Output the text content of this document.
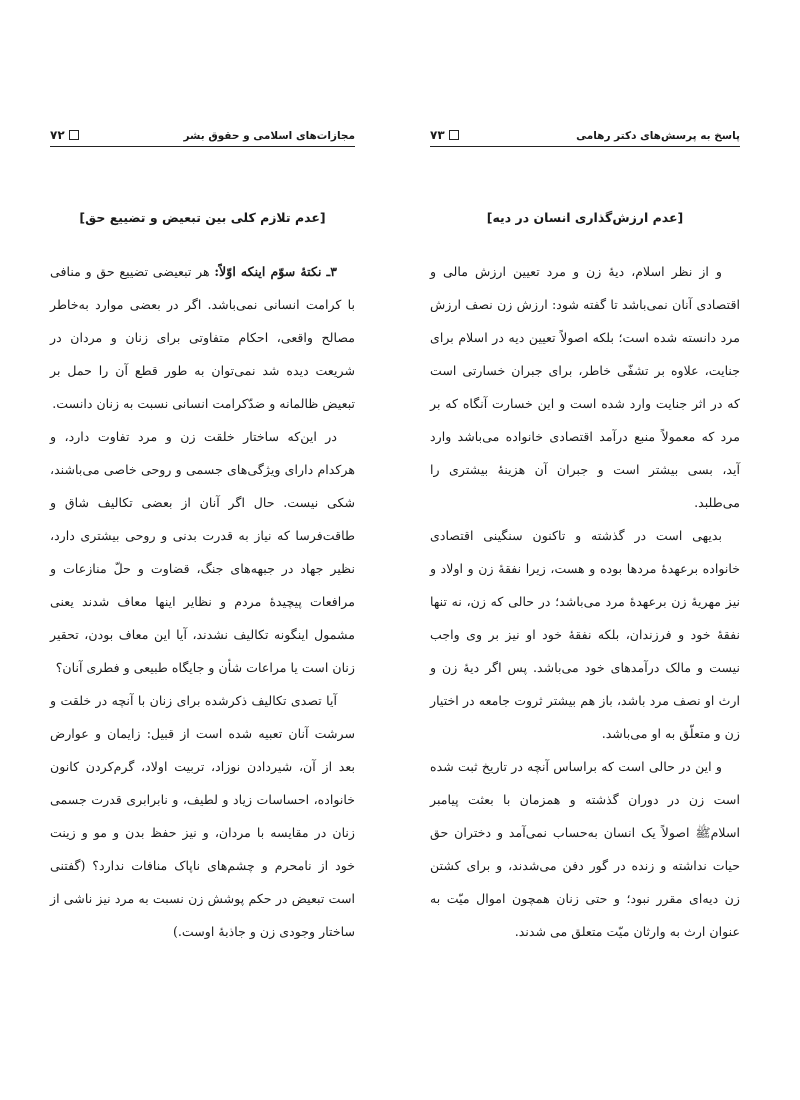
۷۲	مجازات‌های اسلامی و حقوق بشر
[عدم تلازم کلی بین تبعیض و تضییع حق]

۳ـ نکتهٔ سوّم اینکه اوّلاً: هر تبعیضی تضییع حق و منافی با کرامت انسانی نمی‌باشد. اگر در بعضی موارد به‌خاطر مصالح واقعی، احکام متفاوتی برای زنان و مردان در شریعت دیده شد نمی‌توان به طور قطع آن را حمل بر تبعیض ظالمانه و ضدّکرامت انسانی نسبت به زنان دانست.

در این‌که ساختار خلقت زن و مرد تفاوت دارد، و هرکدام دارای ویژگی‌های جسمی و روحی خاصی می‌باشند، شکی نیست. حال اگر آنان از بعضی تکالیف شاق و طاقت‌فرسا که نیاز به قدرت بدنی و روحی بیشتری دارد، نظیر جهاد در جبهه‌های جنگ، قضاوت و حلّ منازعات و مرافعات پیچیدهٔ مردم و نظایر اینها معاف شدند یعنی مشمول اینگونه تکالیف نشدند، آیا این معاف بودن، تحقیر زنان است یا مراعات شأن و جایگاه طبیعی و فطری آنان؟

آیا تصدی تکالیف ذکرشده برای زنان با آنچه در خلقت و سرشت آنان تعبیه شده است از قبیل: زایمان و عوارض بعد از آن، شیردادن نوزاد، تربیت اولاد، گرم‌کردن کانون خانواده، احساسات زیاد و لطیف، و نابرابری قدرت جسمی زنان در مقایسه با مردان، و نیز حفظ بدن و مو و زینت خود از نامحرم و چشم‌های ناپاک منافات ندارد؟ (گفتنی است تبعیض در حکم پوشش زن نسبت به مرد نیز ناشی از ساختار وجودی زن و جاذبهٔ اوست.)

۷۳	پاسخ به پرسش‌های دکتر رهامی
[عدم ارزش‌گذاری انسان در دیه]

و از نظر اسلام، دیهٔ زن و مرد تعیین ارزش مالی و اقتصادی آنان نمی‌باشد تا گفته شود: ارزش زن نصف ارزش مرد دانسته شده است؛ بلکه اصولاً تعیین دیه در اسلام برای جنایت، علاوه بر تشفّی خاطر، برای جبران خسارتی است که در اثر جنایت وارد شده است و این خسارت آنگاه که بر مرد که معمولاً منبع درآمد اقتصادی خانواده می‌باشد وارد آید، بسی بیشتر است و جبران آن هزینهٔ بیشتری را می‌طلبد.

بدیهی است در گذشته و تاکنون سنگینی اقتصادی خانواده برعهدهٔ مردها بوده و هست، زیرا نفقهٔ زن و اولاد و نیز مهریهٔ زن برعهدهٔ مرد می‌باشد؛ در حالی که زن، نه تنها نفقهٔ خود و فرزندان، بلکه نفقهٔ خود او نیز بر وی واجب نیست و مالک درآمدهای خود می‌باشد. پس اگر دیهٔ زن و ارث او نصف مرد باشد، باز هم بیشتر ثروت جامعه در اختیار زن و متعلّق به او می‌باشد.

و این در حالی است که براساس آنچه در تاریخ ثبت شده است زن در دوران گذشته و همزمان با بعثت پیامبر اسلامﷺ اصولاً یک انسان به‌حساب نمی‌آمد و دختران حق حیات نداشته و زنده در گور دفن می‌شدند، و برای کشتن زن دیه‌ای مقرر نبود؛ و حتی زنان همچون اموال میّت به عنوان ارث به وارثان میّت متعلق می شدند.
